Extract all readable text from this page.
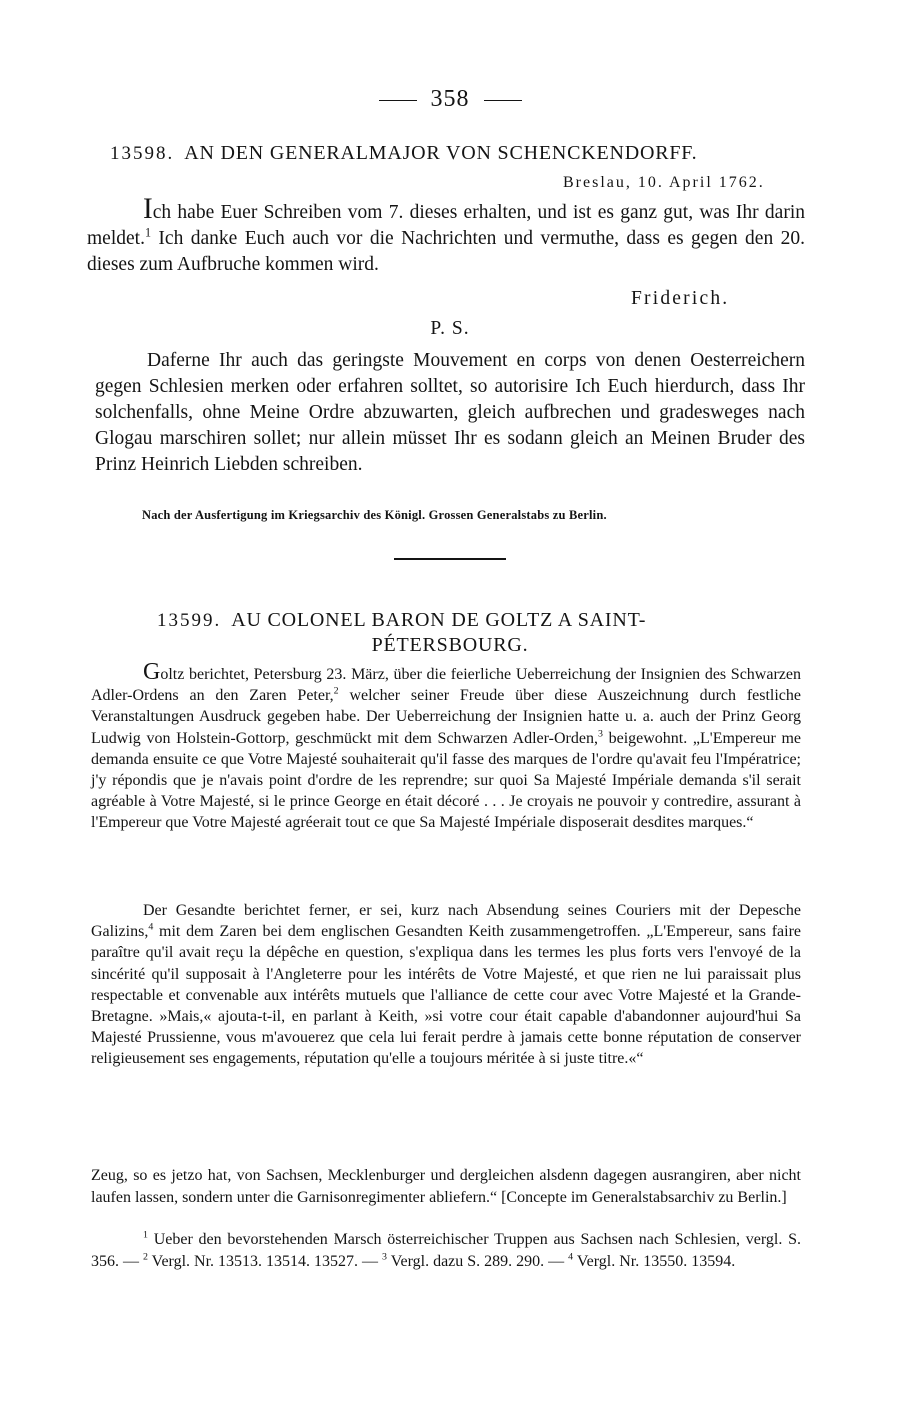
358
13598. AN DEN GENERALMAJOR VON SCHENCKENDORFF.
Breslau, 10. April 1762.
Ich habe Euer Schreiben vom 7. dieses erhalten, und ist es ganz gut, was Ihr darin meldet.$^1$ Ich danke Euch auch vor die Nachrichten und vermuthe, dass es gegen den 20. dieses zum Aufbruche kommen wird.
Friderich.
P. S.
Daferne Ihr auch das geringste Mouvement en corps von denen Oesterreichern gegen Schlesien merken oder erfahren solltet, so autorisire Ich Euch hierdurch, dass Ihr solchenfalls, ohne Meine Ordre abzuwarten, gleich aufbrechen und gradesweges nach Glogau marschiren sollet; nur allein müsset Ihr es sodann gleich an Meinen Bruder des Prinz Heinrich Liebden schreiben.
Nach der Ausfertigung im Kriegsarchiv des Königl. Grossen Generalstabs zu Berlin.
13599. AU COLONEL BARON DE GOLTZ A SAINT-
PÉTERSBOURG.
Goltz berichtet, Petersburg 23. März, über die feierliche Ueberreichung der Insignien des Schwarzen Adler-Ordens an den Zaren Peter,$^2$ welcher seiner Freude über diese Auszeichnung durch festliche Veranstaltungen Ausdruck gegeben habe. Der Ueberreichung der Insignien hatte u. a. auch der Prinz Georg Ludwig von Holstein-Gottorp, geschmückt mit dem Schwarzen Adler-Orden,$^3$ beigewohnt. „L'Empereur me demanda ensuite ce que Votre Majesté souhaiterait qu'il fasse des marques de l'ordre qu'avait feu l'Impératrice; j'y répondis que je n'avais point d'ordre de les reprendre; sur quoi Sa Majesté Impériale demanda s'il serait agréable à Votre Majesté, si le prince George en était décoré . . . Je croyais ne pouvoir y contredire, assurant à l'Empereur que Votre Majesté agréerait tout ce que Sa Majesté Impériale disposerait desdites marques.“
Der Gesandte berichtet ferner, er sei, kurz nach Absendung seines Couriers mit der Depesche Galizins,$^4$ mit dem Zaren bei dem englischen Gesandten Keith zusammengetroffen. „L'Empereur, sans faire paraître qu'il avait reçu la dépêche en question, s'expliqua dans les termes les plus forts vers l'envoyé de la sincérité qu'il supposait à l'Angleterre pour les intérêts de Votre Majesté, et que rien ne lui paraissait plus respectable et convenable aux intérêts mutuels que l'alliance de cette cour avec Votre Majesté et la Grande-Bretagne. »Mais,« ajouta-t-il, en parlant à Keith, »si votre cour était capable d'abandonner aujourd'hui Sa Majesté Prussienne, vous m'avouerez que cela lui ferait perdre à jamais cette bonne réputation de conserver religieusement ses engagements, réputation qu'elle a toujours méritée à si juste titre.«“
Zeug, so es jetzo hat, von Sachsen, Mecklenburger und dergleichen alsdenn dagegen ausrangiren, aber nicht laufen lassen, sondern unter die Garnisonregimenter abliefern.“ [Concepte im Generalstabsarchiv zu Berlin.]
$^1$ Ueber den bevorstehenden Marsch österreichischer Truppen aus Sachsen nach Schlesien, vergl. S. 356. — $^2$ Vergl. Nr. 13513. 13514. 13527. — $^3$ Vergl. dazu S. 289. 290. — $^4$ Vergl. Nr. 13550. 13594.
